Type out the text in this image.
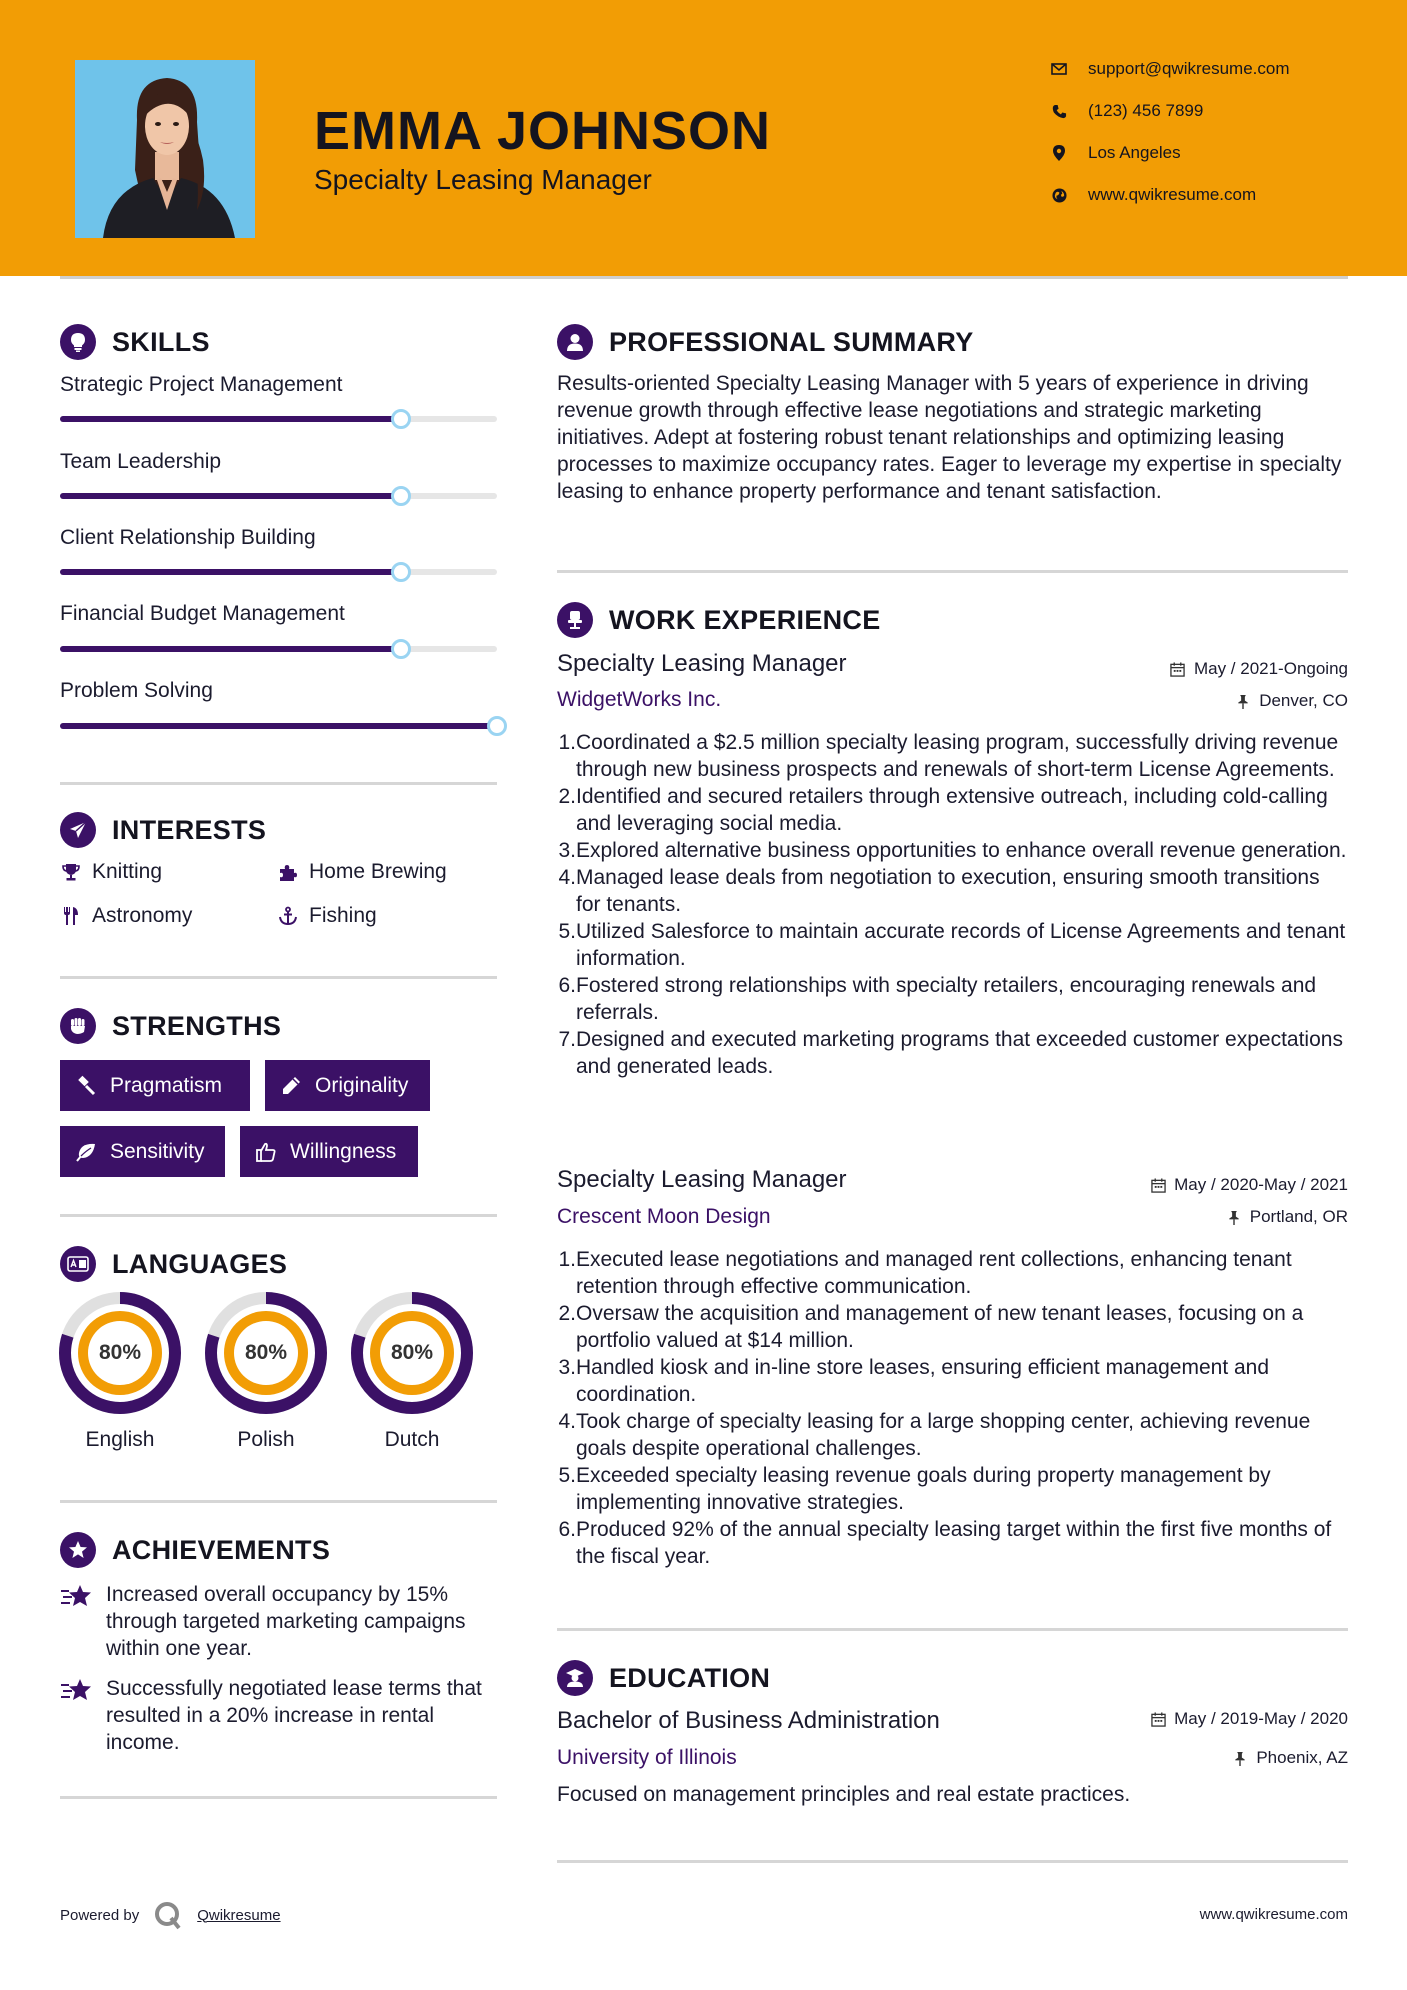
EMMA JOHNSON
Specialty Leasing Manager
support@qwikresume.com
(123) 456 7899
Los Angeles
www.qwikresume.com
SKILLS
Strategic Project Management
Team Leadership
Client Relationship Building
Financial Budget Management
Problem Solving
INTERESTS
Knitting	Home Brewing
Astronomy	Fishing
STRENGTHS
Pragmatism	Originality
Sensitivity	Willingness
LANGUAGES
80%
English
80%
Polish
80%
Dutch
ACHIEVEMENTS
Increased overall occupancy by 15% through targeted marketing campaigns within one year.
Successfully negotiated lease terms that resulted in a 20% increase in rental income.
PROFESSIONAL SUMMARY
Results-oriented Specialty Leasing Manager with 5 years of experience in driving revenue growth through effective lease negotiations and strategic marketing initiatives. Adept at fostering robust tenant relationships and optimizing leasing processes to maximize occupancy rates. Eager to leverage my expertise in specialty leasing to enhance property performance and tenant satisfaction.
WORK EXPERIENCE
Specialty Leasing Manager	May / 2021-Ongoing
WidgetWorks Inc.	Denver, CO
1. Coordinated a $2.5 million specialty leasing program, successfully driving revenue through new business prospects and renewals of short-term License Agreements.
2. Identified and secured retailers through extensive outreach, including cold-calling and leveraging social media.
3. Explored alternative business opportunities to enhance overall revenue generation.
4. Managed lease deals from negotiation to execution, ensuring smooth transitions for tenants.
5. Utilized Salesforce to maintain accurate records of License Agreements and tenant information.
6. Fostered strong relationships with specialty retailers, encouraging renewals and referrals.
7. Designed and executed marketing programs that exceeded customer expectations and generated leads.
Specialty Leasing Manager	May / 2020-May / 2021
Crescent Moon Design	Portland, OR
1. Executed lease negotiations and managed rent collections, enhancing tenant retention through effective communication.
2. Oversaw the acquisition and management of new tenant leases, focusing on a portfolio valued at $14 million.
3. Handled kiosk and in-line store leases, ensuring efficient management and coordination.
4. Took charge of specialty leasing for a large shopping center, achieving revenue goals despite operational challenges.
5. Exceeded specialty leasing revenue goals during property management by implementing innovative strategies.
6. Produced 92% of the annual specialty leasing target within the first five months of the fiscal year.
EDUCATION
Bachelor of Business Administration	May / 2019-May / 2020
University of Illinois	Phoenix, AZ
Focused on management principles and real estate practices.
Powered by	Qwikresume	www.qwikresume.com
